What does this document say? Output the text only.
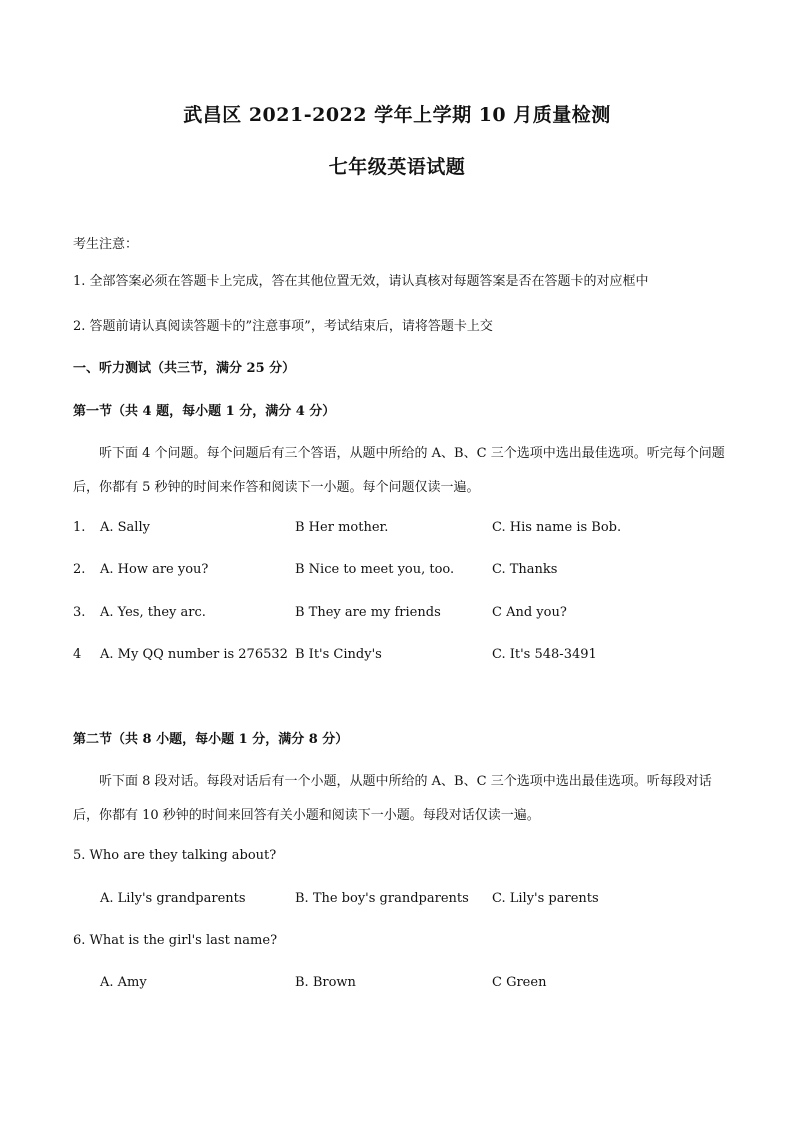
武昌区 2021-2022 学年上学期 10 月质量检测
七年级英语试题
考生注意：
1. 全部答案必须在答题卡上完成，答在其他位置无效，请认真核对每题答案是否在答题卡的对应框中
2. 答题前请认真阅读答题卡的”注意事项”，考试结束后，请将答题卡上交
一、听力测试（共三节，满分 25 分）
第一节（共 4 题，每小题 1 分，满分 4 分）
听下面 4 个问题。每个问题后有三个答语，从题中所给的 A、B、C 三个选项中选出最佳选项。听完每个问题后，你都有 5 秒钟的时间来作答和阅读下一小题。每个问题仅读一遍。
1. A. Sally	B Her mother.	C. His name is Bob.
2. A. How are you?	B Nice to meet you, too.	C. Thanks
3. A. Yes, they arc.	B They are my friends	C And you?
4 A. My QQ number is 276532 B It's Cindy's	C. It's 548-3491
第二节（共 8 小题，每小题 1 分，满分 8 分）
听下面 8 段对话。每段对话后有一个小题，从题中所给的 A、B、C 三个选项中选出最佳选项。听每段对话后，你都有 10 秒钟的时间来回答有关小题和阅读下一小题。每段对话仅读一遍。
5. Who are they talking about?
A. Lily's grandparents	B. The boy's grandparents C. Lily's parents
6. What is the girl's last name?
A. Amy	B. Brown	C Green
